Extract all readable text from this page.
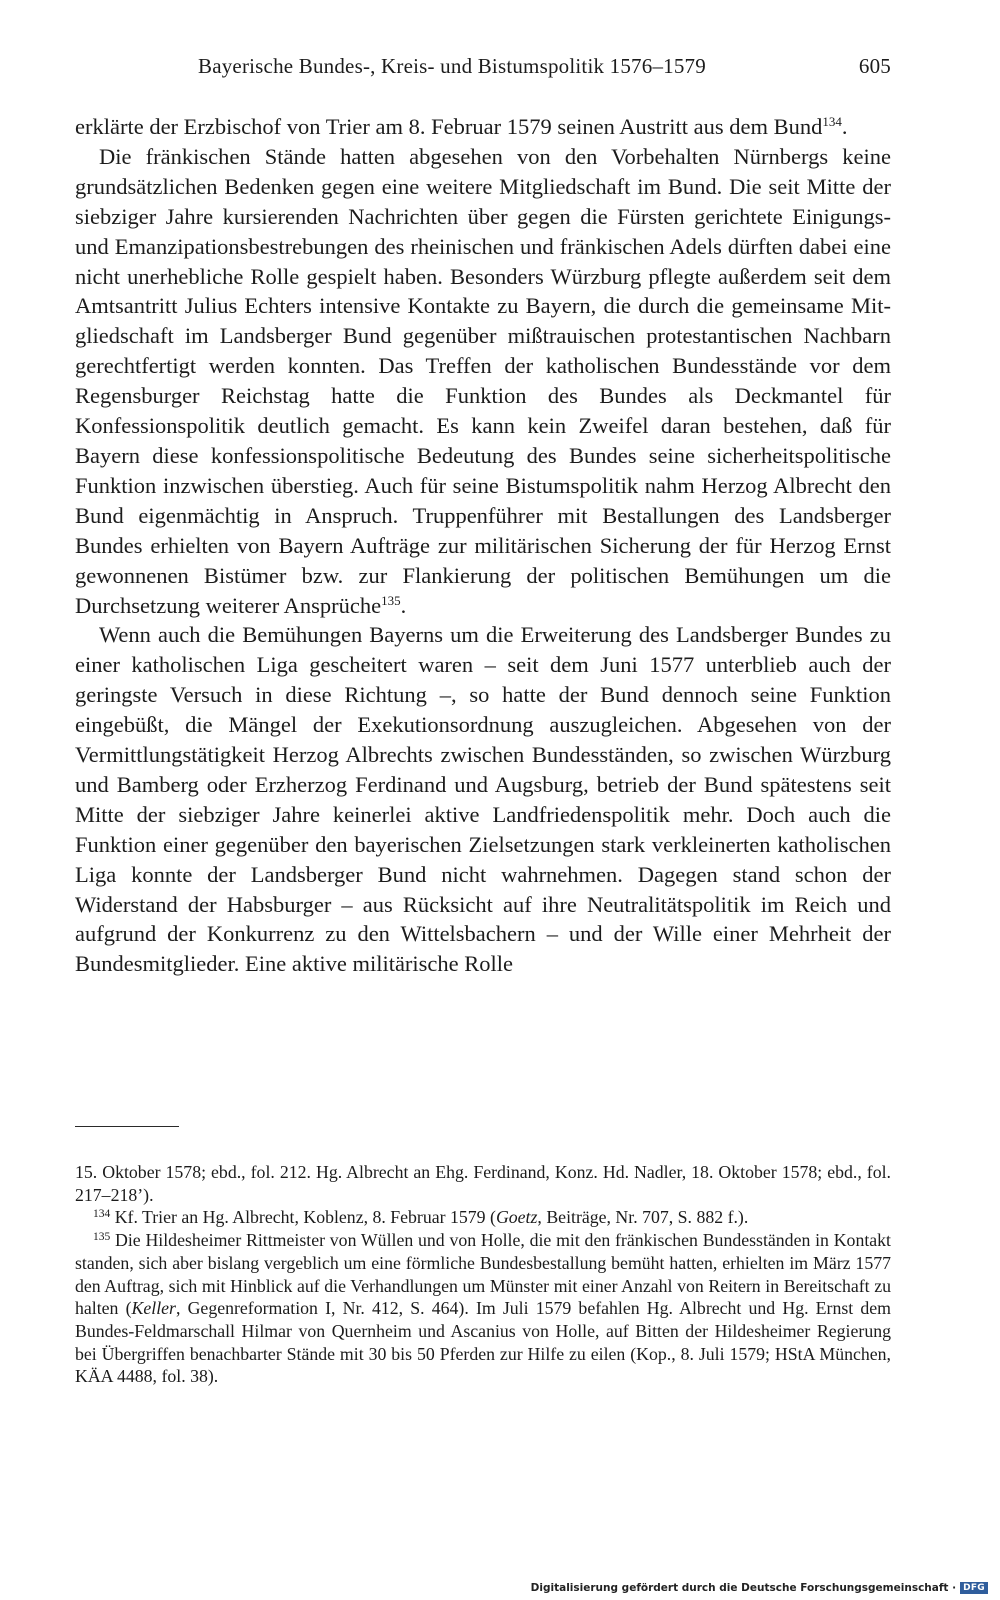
Bayerische Bundes-, Kreis- und Bistumspolitik 1576–1579	605

erklärte der Erzbischof von Trier am 8. Februar 1579 seinen Austritt aus dem Bund$^{134}$.

Die fränkischen Stände hatten abgesehen von den Vorbehalten Nürnbergs keine grundsätzlichen Bedenken gegen eine weitere Mitgliedschaft im Bund. Die seit Mitte der siebziger Jahre kursierenden Nachrichten über gegen die Fürsten gerichtete Einigungs- und Emanzipationsbestrebungen des rheinischen und fränkischen Adels dürften dabei eine nicht unerhebliche Rolle gespielt haben. Besonders Würzburg pflegte außerdem seit dem Amtsantritt Julius Echters intensive Kontakte zu Bayern, die durch die gemeinsame Mitgliedschaft im Landsberger Bund gegenüber mißtrauischen protestantischen Nachbarn gerechtfertigt werden konnten. Das Treffen der katholischen Bundesstände vor dem Regensburger Reichstag hatte die Funktion des Bundes als Deckmantel für Konfessionspolitik deutlich gemacht. Es kann kein Zweifel daran bestehen, daß für Bayern diese konfessionspolitische Bedeutung des Bundes seine sicherheitspolitische Funktion inzwischen überstieg. Auch für seine Bistumspolitik nahm Herzog Albrecht den Bund eigenmächtig in Anspruch. Truppenführer mit Bestallungen des Landsberger Bundes erhielten von Bayern Aufträge zur militärischen Sicherung der für Herzog Ernst gewonnenen Bistümer bzw. zur Flankierung der politischen Bemühungen um die Durchsetzung weiterer Ansprüche$^{135}$.

Wenn auch die Bemühungen Bayerns um die Erweiterung des Landsberger Bundes zu einer katholischen Liga gescheitert waren – seit dem Juni 1577 unterblieb auch der geringste Versuch in diese Richtung –, so hatte der Bund dennoch seine Funktion eingebüßt, die Mängel der Exekutionsordnung auszugleichen. Abgesehen von der Vermittlungstätigkeit Herzog Albrechts zwischen Bundesständen, so zwischen Würzburg und Bamberg oder Erzherzog Ferdinand und Augsburg, betrieb der Bund spätestens seit Mitte der siebziger Jahre keinerlei aktive Landfriedenspolitik mehr. Doch auch die Funktion einer gegenüber den bayerischen Zielsetzungen stark verkleinerten katholischen Liga konnte der Landsberger Bund nicht wahrnehmen. Dagegen stand schon der Widerstand der Habsburger – aus Rücksicht auf ihre Neutralitätspolitik im Reich und aufgrund der Konkurrenz zu den Wittelsbachern – und der Wille einer Mehrheit der Bundesmitglieder. Eine aktive militärische Rolle

15. Oktober 1578; ebd., fol. 212. Hg. Albrecht an Ehg. Ferdinand, Konz. Hd. Nadler, 18. Oktober 1578; ebd., fol. 217–218’).

$^{134}$ Kf. Trier an Hg. Albrecht, Koblenz, 8. Februar 1579 (Goetz, Beiträge, Nr. 707, S. 882 f.).

$^{135}$ Die Hildesheimer Rittmeister von Wüllen und von Holle, die mit den fränkischen Bundesständen in Kontakt standen, sich aber bislang vergeblich um eine förmliche Bundesbestallung bemüht hatten, erhielten im März 1577 den Auftrag, sich mit Hinblick auf die Verhandlungen um Münster mit einer Anzahl von Reitern in Bereitschaft zu halten (Keller, Gegenreformation I, Nr. 412, S. 464). Im Juli 1579 befahlen Hg. Albrecht und Hg. Ernst dem Bundes-Feldmarschall Hilmar von Quernheim und Ascanius von Holle, auf Bitten der Hildesheimer Regierung bei Übergriffen benachbarter Stände mit 30 bis 50 Pferden zur Hilfe zu eilen (Kop., 8. Juli 1579; HStA München, KÄA 4488, fol. 38).

Digitalisierung gefördert durch die Deutsche Forschungsgemeinschaft · DFG
